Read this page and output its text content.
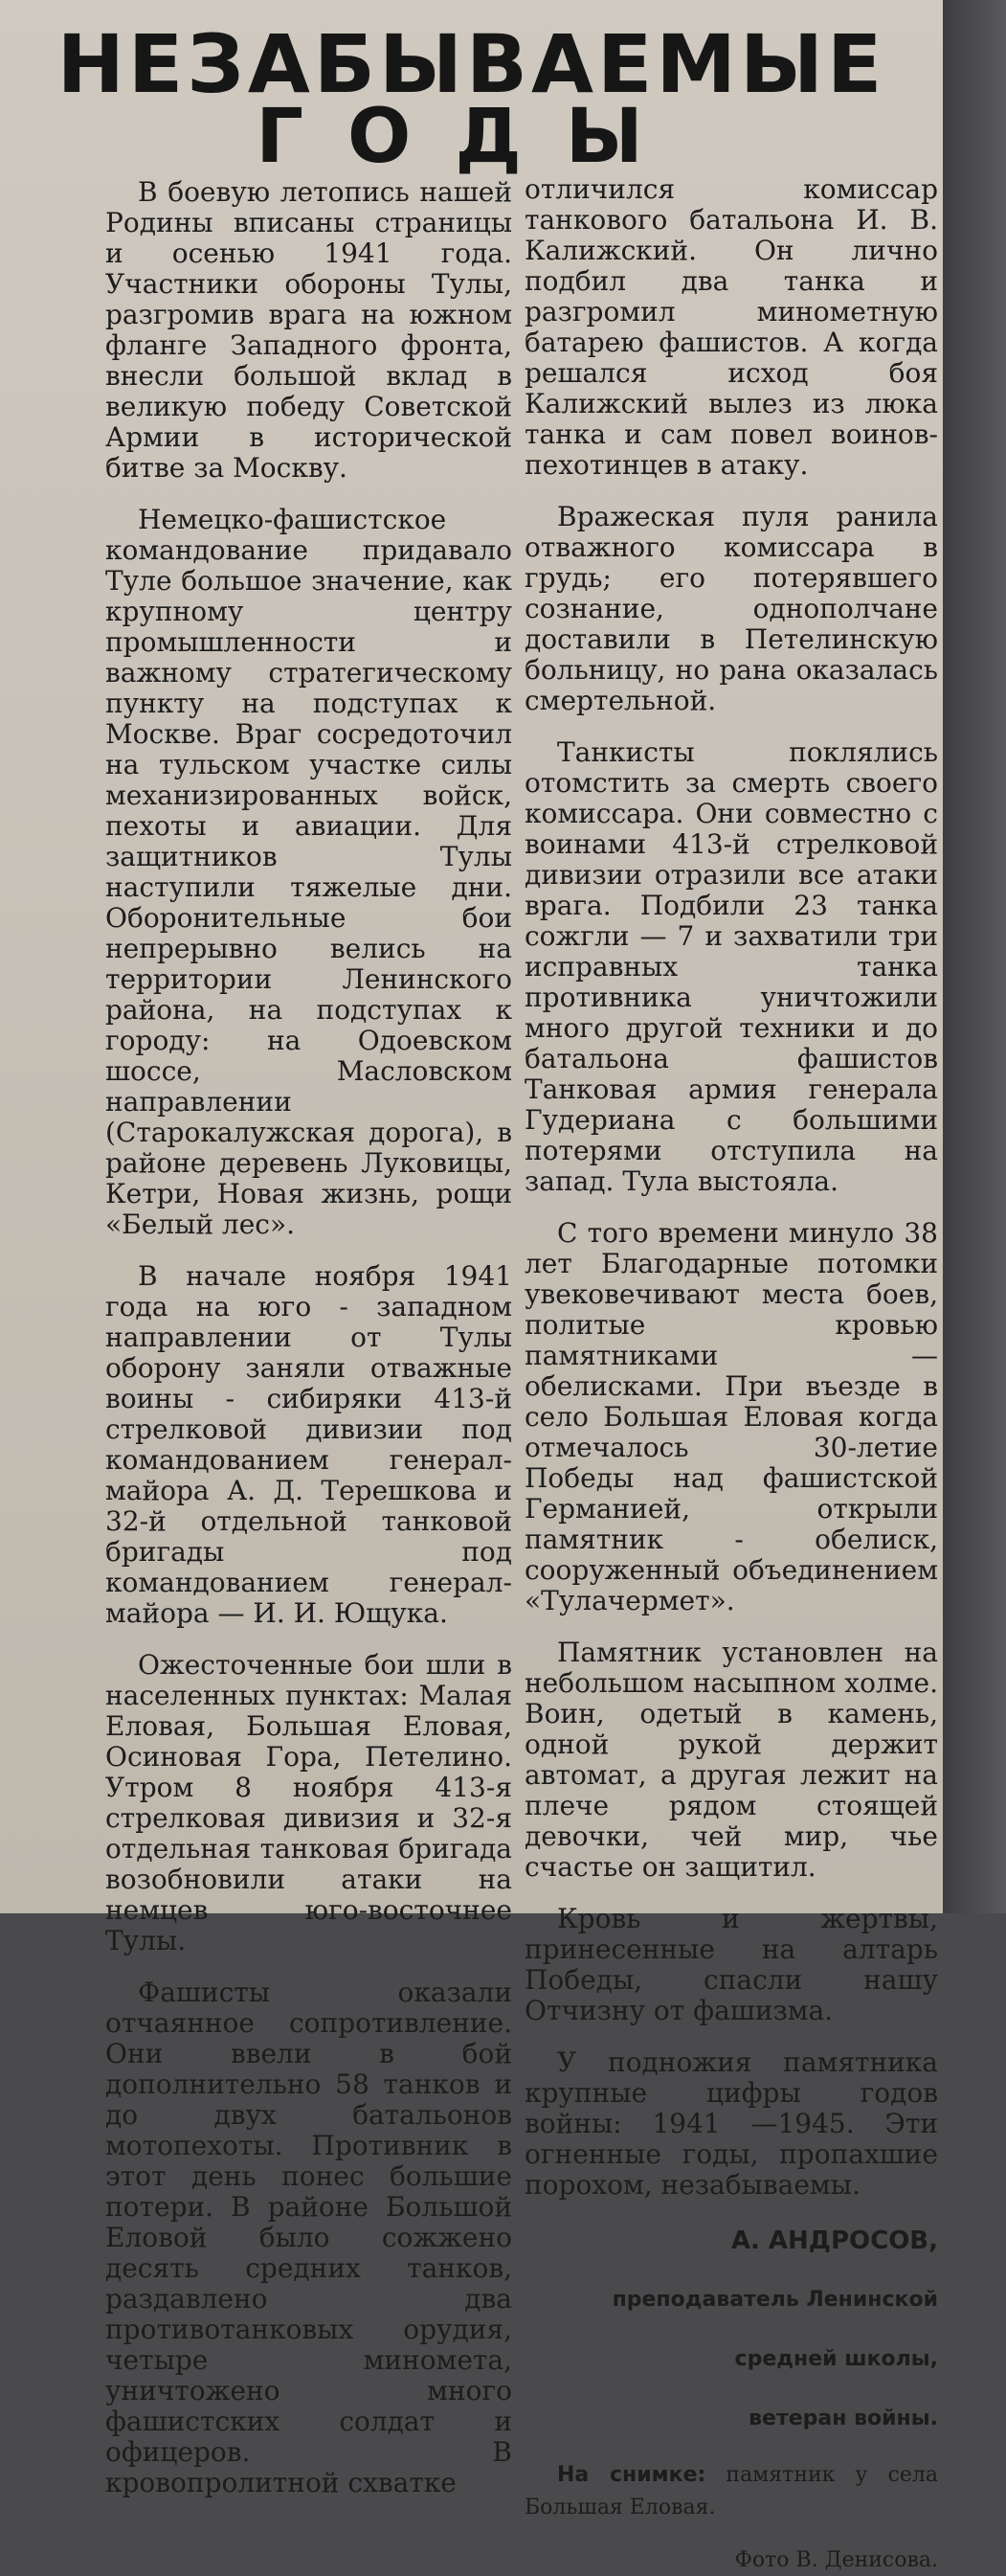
НЕЗАБЫВАЕМЫЕ
ГОДЫ

В боевую летопись нашей Родины вписаны страницы и осенью 1941 года. Участники обороны Тулы, разгромив врага на южном фланге Западного фронта, внесли большой вклад в великую победу Советской Армии в исторической битве за Москву.

Немецко-фашистское командование придавало Туле большое значение, как крупному центру промышленности и важному стратегическому пункту на подступах к Москве. Враг сосредоточил на тульском участке силы механизированных войск, пехоты и авиации. Для защитников Тулы наступили тяжелые дни. Оборонительные бои непрерывно велись на территории Ленинского района, на подступах к городу: на Одоевском шоссе, Масловском направлении (Старокалужская дорога), в районе деревень Луковицы, Кетри, Новая жизнь, рощи «Белый лес».

В начале ноября 1941 года на юго - западном направлении от Тулы оборону заняли отважные воины - сибиряки 413-й стрелковой дивизии под командованием генерал-майора А. Д. Терешкова и 32-й отдельной танковой бригады под командованием генерал-майора — И. И. Ющука.

Ожесточенные бои шли в населенных пунктах: Малая Еловая, Большая Еловая, Осиновая Гора, Петелино. Утром 8 ноября 413-я стрелковая дивизия и 32-я отдельная танковая бригада возобновили атаки на немцев юго-восточнее Тулы.

Фашисты оказали отчаянное сопротивление. Они ввели в бой дополнительно 58 танков и до двух батальонов мотопехоты. Противник в этот день понес большие потери. В районе Большой Еловой было сожжено десять средних танков, раздавлено два противотанковых орудия, четыре миномета, уничтожено много фашистских солдат и офицеров. В кровопролитной схватке

отличился комиссар танкового батальона И. В. Калижский. Он лично подбил два танка и разгромил минометную батарею фашистов. А когда решался исход боя Калижский вылез из люка танка и сам повел воинов-пехотинцев в атаку.

Вражеская пуля ранила отважного комиссара в грудь; его потерявшего сознание, однополчане доставили в Петелинскую больницу, но рана оказалась смертельной.

Танкисты поклялись отомстить за смерть своего комиссара. Они совместно с воинами 413-й стрелковой дивизии отразили все атаки врага. Подбили 23 танка сожгли — 7 и захватили три исправных танка противника уничтожили много другой техники и до батальона фашистов Танковая армия генерала Гудериана с большими потерями отступила на запад. Тула выстояла.

С того времени минуло 38 лет Благодарные потомки увековечивают места боев, политые кровью памятниками — обелисками. При въезде в село Большая Еловая когда отмечалось 30-летие Победы над фашистской Германией, открыли памятник - обелиск, сооруженный объединением «Тулачермет».

Памятник установлен на небольшом насыпном холме. Воин, одетый в камень, одной рукой держит автомат, а другая лежит на плече рядом стоящей девочки, чей мир, чье счастье он защитил.

Кровь и жертвы, принесенные на алтарь Победы, спасли нашу Отчизну от фашизма.

У подножия памятника крупные цифры годов войны: 1941 —1945. Эти огненные годы, пропахшие порохом, незабываемы.

А. АНДРОСОВ,

преподаватель Ленинской

средней школы,

ветеран войны.

На снимке: памятник у села Большая Еловая.

Фото В. Денисова.
